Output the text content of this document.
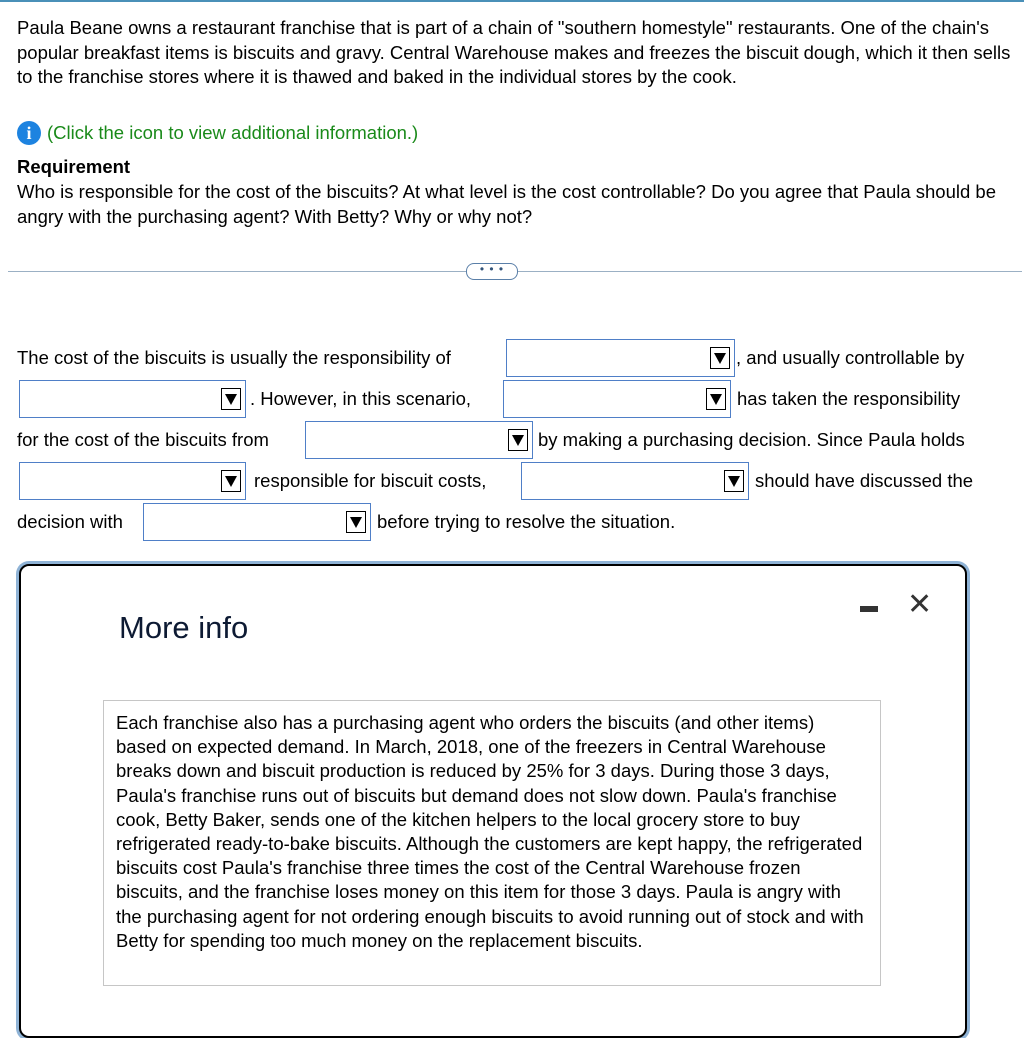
Paula Beane owns a restaurant franchise that is part of a chain of "southern homestyle" restaurants. One of the chain's popular breakfast items is biscuits and gravy. Central Warehouse makes and freezes the biscuit dough, which it then sells to the franchise stores where it is thawed and baked in the individual stores by the cook.
i (Click the icon to view additional information.)
Requirement
Who is responsible for the cost of the biscuits? At what level is the cost controllable? Do you agree that Paula should be angry with the purchasing agent? With Betty? Why or why not?
• • •
The cost of the biscuits is usually the responsibility of	, and usually controllable by
. However, in this scenario,	has taken the responsibility
for the cost of the biscuits from	by making a purchasing decision. Since Paula holds
responsible for biscuit costs,	should have discussed the
decision with	before trying to resolve the situation.
More info
✕
Each franchise also has a purchasing agent who orders the biscuits (and other items) based on expected demand. In March, 2018, one of the freezers in Central Warehouse breaks down and biscuit production is reduced by 25% for 3 days. During those 3 days, Paula's franchise runs out of biscuits but demand does not slow down. Paula's franchise cook, Betty Baker, sends one of the kitchen helpers to the local grocery store to buy refrigerated ready-to-bake biscuits. Although the customers are kept happy, the refrigerated biscuits cost Paula's franchise three times the cost of the Central Warehouse frozen biscuits, and the franchise loses money on this item for those 3 days. Paula is angry with the purchasing agent for not ordering enough biscuits to avoid running out of stock and with Betty for spending too much money on the replacement biscuits.
